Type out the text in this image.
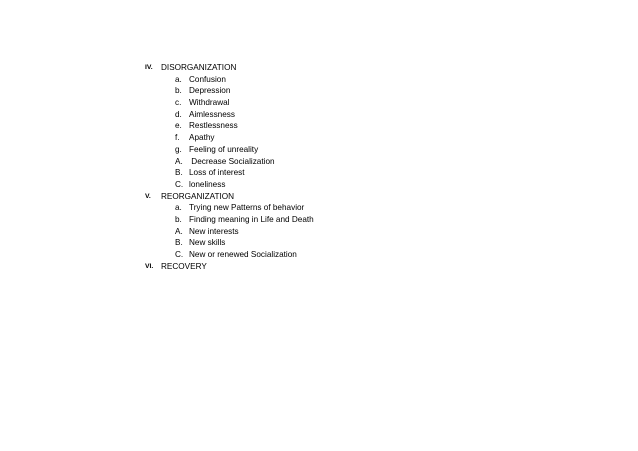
IV. DISORGANIZATION
a. Confusion
b. Depression
c. Withdrawal
d. Aimlessness
e. Restlessness
f. Apathy
g. Feeling of unreality
A. Decrease Socialization
B. Loss of interest
C. loneliness
V. REORGANIZATION
a. Trying new Patterns of behavior
b. Finding meaning in Life and Death
A. New interests
B. New skills
C. New or renewed Socialization
VI. RECOVERY
